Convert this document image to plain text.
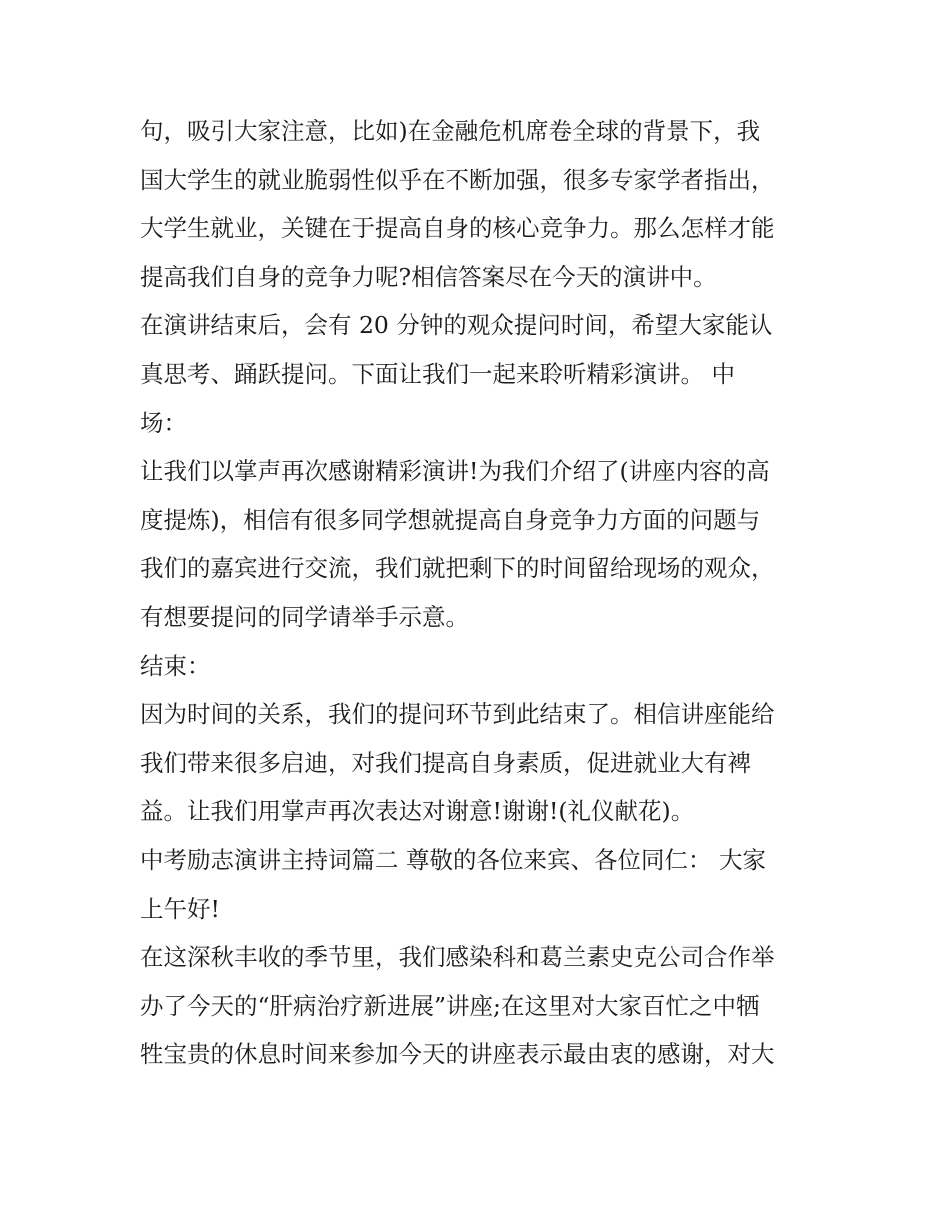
句，吸引大家注意，比如)在金融危机席卷全球的背景下，我
国大学生的就业脆弱性似乎在不断加强，很多专家学者指出，
大学生就业，关键在于提高自身的核心竞争力。那么怎样才能
提高我们自身的竞争力呢?相信答案尽在今天的演讲中。
在演讲结束后，会有 20 分钟的观众提问时间，希望大家能认
真思考、踊跃提问。下面让我们一起来聆听精彩演讲。 中
场：
让我们以掌声再次感谢精彩演讲!为我们介绍了(讲座内容的高
度提炼)，相信有很多同学想就提高自身竞争力方面的问题与
我们的嘉宾进行交流，我们就把剩下的时间留给现场的观众，
有想要提问的同学请举手示意。
结束：
因为时间的关系，我们的提问环节到此结束了。相信讲座能给
我们带来很多启迪，对我们提高自身素质，促进就业大有裨
益。让我们用掌声再次表达对谢意!谢谢!(礼仪献花)。
中考励志演讲主持词篇二 尊敬的各位来宾、各位同仁： 大家
上午好!
在这深秋丰收的季节里，我们感染科和葛兰素史克公司合作举
办了今天的“肝病治疗新进展”讲座;在这里对大家百忙之中牺
牲宝贵的休息时间来参加今天的讲座表示最由衷的感谢，对大
